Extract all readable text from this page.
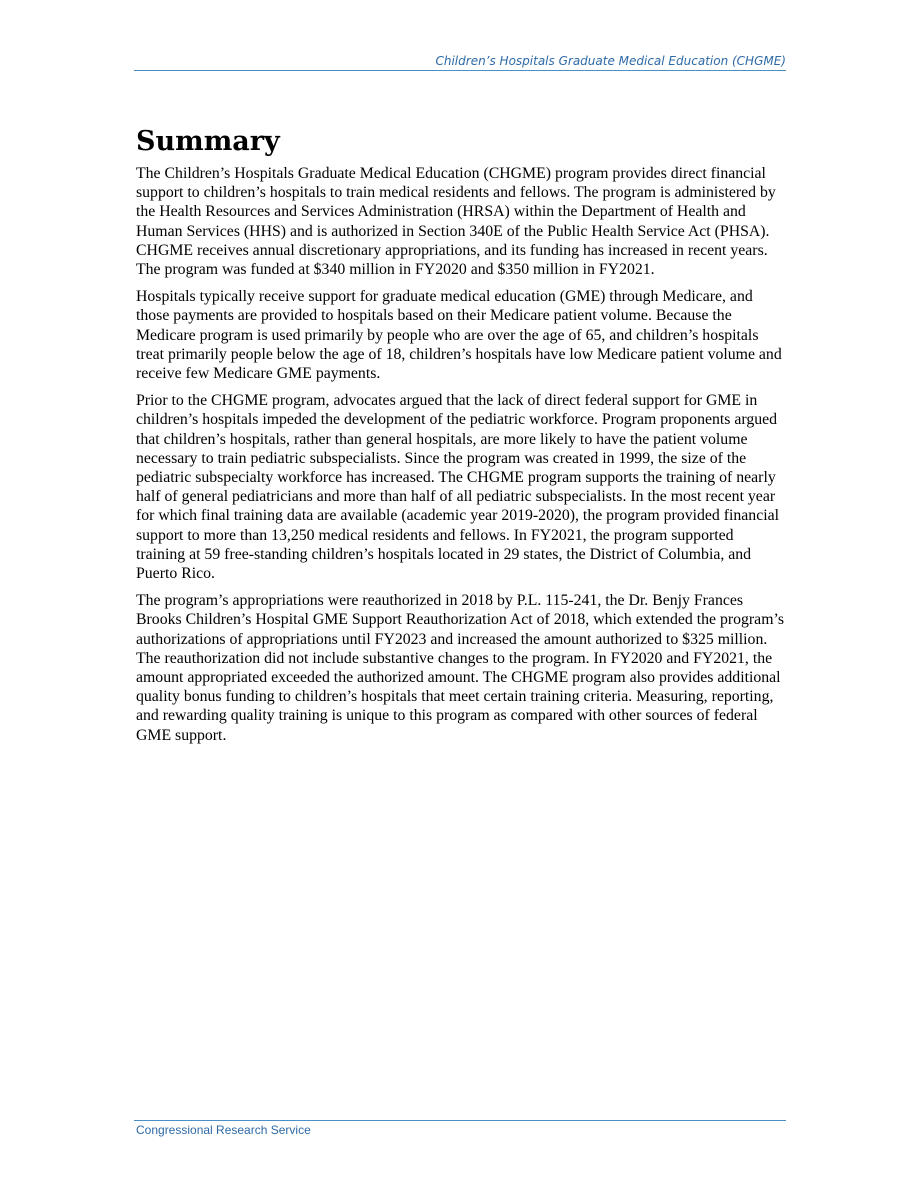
Children’s Hospitals Graduate Medical Education (CHGME)
Summary

The Children’s Hospitals Graduate Medical Education (CHGME) program provides direct financial support to children’s hospitals to train medical residents and fellows. The program is administered by the Health Resources and Services Administration (HRSA) within the Department of Health and Human Services (HHS) and is authorized in Section 340E of the Public Health Service Act (PHSA). CHGME receives annual discretionary appropriations, and its funding has increased in recent years. The program was funded at $340 million in FY2020 and $350 million in FY2021.

Hospitals typically receive support for graduate medical education (GME) through Medicare, and those payments are provided to hospitals based on their Medicare patient volume. Because the Medicare program is used primarily by people who are over the age of 65, and children’s hospitals treat primarily people below the age of 18, children’s hospitals have low Medicare patient volume and receive few Medicare GME payments.

Prior to the CHGME program, advocates argued that the lack of direct federal support for GME in children’s hospitals impeded the development of the pediatric workforce. Program proponents argued that children’s hospitals, rather than general hospitals, are more likely to have the patient volume necessary to train pediatric subspecialists. Since the program was created in 1999, the size of the pediatric subspecialty workforce has increased. The CHGME program supports the training of nearly half of general pediatricians and more than half of all pediatric subspecialists. In the most recent year for which final training data are available (academic year 2019-2020), the program provided financial support to more than 13,250 medical residents and fellows. In FY2021, the program supported training at 59 free-standing children’s hospitals located in 29 states, the District of Columbia, and Puerto Rico.

The program’s appropriations were reauthorized in 2018 by P.L. 115-241, the Dr. Benjy Frances Brooks Children’s Hospital GME Support Reauthorization Act of 2018, which extended the program’s authorizations of appropriations until FY2023 and increased the amount authorized to $325 million. The reauthorization did not include substantive changes to the program. In FY2020 and FY2021, the amount appropriated exceeded the authorized amount. The CHGME program also provides additional quality bonus funding to children’s hospitals that meet certain training criteria. Measuring, reporting, and rewarding quality training is unique to this program as compared with other sources of federal GME support.

Congressional Research Service
